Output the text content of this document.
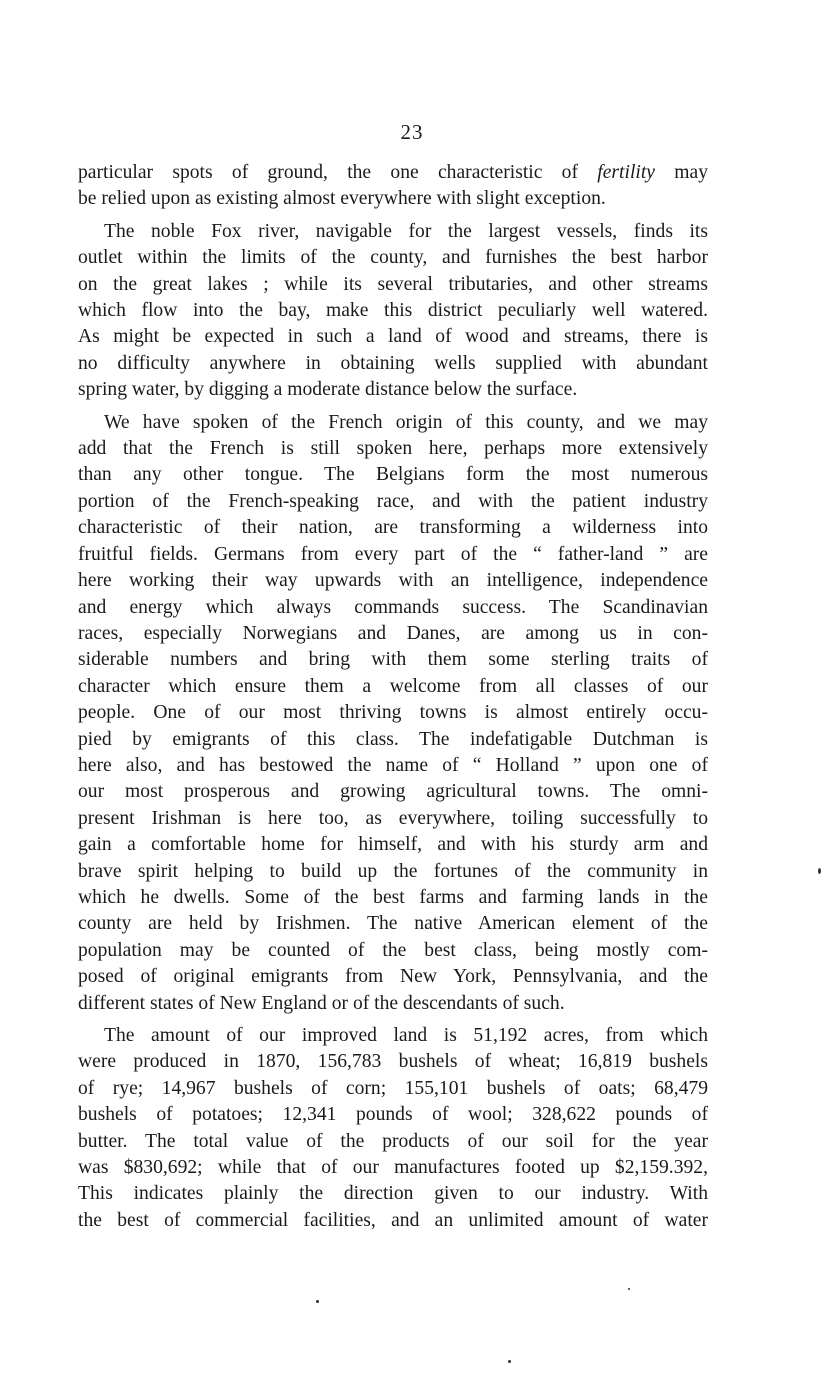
23
particular spots of ground, the one characteristic of fertility may
be relied upon as existing almost everywhere with slight exception.
The noble Fox river, navigable for the largest vessels, finds its
outlet within the limits of the county, and furnishes the best harbor
on the great lakes ; while its several tributaries, and other streams
which flow into the bay, make this district peculiarly well watered.
As might be expected in such a land of wood and streams, there is
no difficulty anywhere in obtaining wells supplied with abundant
spring water, by digging a moderate distance below the surface.
We have spoken of the French origin of this county, and we may
add that the French is still spoken here, perhaps more extensively
than any other tongue. The Belgians form the most numerous
portion of the French-speaking race, and with the patient industry
characteristic of their nation, are transforming a wilderness into
fruitful fields. Germans from every part of the “ father-land ” are
here working their way upwards with an intelligence, independence
and energy which always commands success. The Scandinavian
races, especially Norwegians and Danes, are among us in con-
siderable numbers and bring with them some sterling traits of
character which ensure them a welcome from all classes of our
people. One of our most thriving towns is almost entirely occu-
pied by emigrants of this class. The indefatigable Dutchman is
here also, and has bestowed the name of “ Holland ” upon one of
our most prosperous and growing agricultural towns. The omni-
present Irishman is here too, as everywhere, toiling successfully to
gain a comfortable home for himself, and with his sturdy arm and
brave spirit helping to build up the fortunes of the community in
which he dwells. Some of the best farms and farming lands in the
county are held by Irishmen. The native American element of the
population may be counted of the best class, being mostly com-
posed of original emigrants from New York, Pennsylvania, and the
different states of New England or of the descendants of such.
The amount of our improved land is 51,192 acres, from which
were produced in 1870, 156,783 bushels of wheat; 16,819 bushels
of rye; 14,967 bushels of corn; 155,101 bushels of oats; 68,479
bushels of potatoes; 12,341 pounds of wool; 328,622 pounds of
butter. The total value of the products of our soil for the year
was $830,692; while that of our manufactures footed up $2,159.392,
This indicates plainly the direction given to our industry. With
the best of commercial facilities, and an unlimited amount of water
